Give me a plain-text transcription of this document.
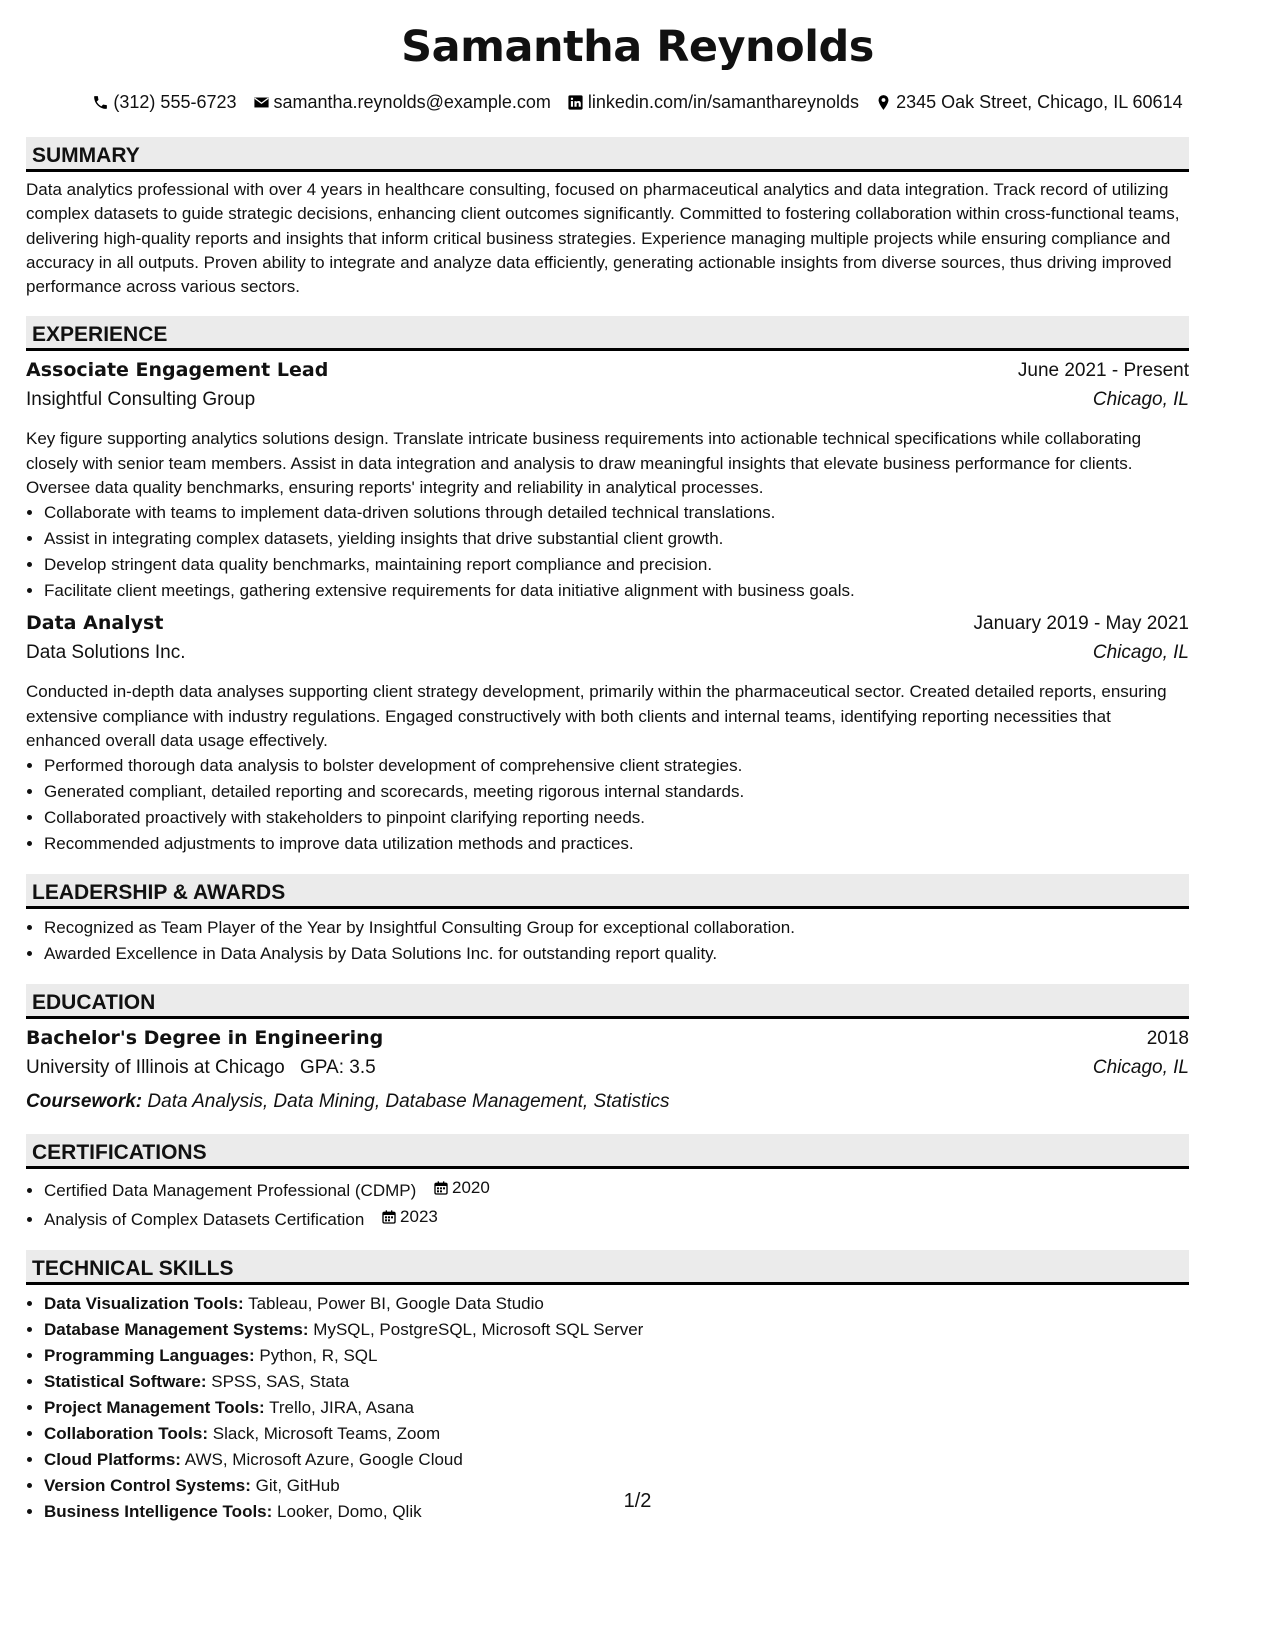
Samantha Reynolds
(312) 555-6723 samantha.reynolds@example.com linkedin.com/in/samanthareynolds 2345 Oak Street, Chicago, IL 60614
SUMMARY

Data analytics professional with over 4 years in healthcare consulting, focused on pharmaceutical analytics and data integration. Track record of utilizing complex datasets to guide strategic decisions, enhancing client outcomes significantly. Committed to fostering collaboration within cross-functional teams, delivering high-quality reports and insights that inform critical business strategies. Experience managing multiple projects while ensuring compliance and accuracy in all outputs. Proven ability to integrate and analyze data efficiently, generating actionable insights from diverse sources, thus driving improved performance across various sectors.

EXPERIENCE
Associate Engagement Lead	June 2021 - Present
Insightful Consulting Group	Chicago, IL

Key figure supporting analytics solutions design. Translate intricate business requirements into actionable technical specifications while collaborating closely with senior team members. Assist in data integration and analysis to draw meaningful insights that elevate business performance for clients. Oversee data quality benchmarks, ensuring reports' integrity and reliability in analytical processes.

• Collaborate with teams to implement data-driven solutions through detailed technical translations.
• Assist in integrating complex datasets, yielding insights that drive substantial client growth.
• Develop stringent data quality benchmarks, maintaining report compliance and precision.
• Facilitate client meetings, gathering extensive requirements for data initiative alignment with business goals.
Data Analyst	January 2019 - May 2021
Data Solutions Inc.	Chicago, IL

Conducted in-depth data analyses supporting client strategy development, primarily within the pharmaceutical sector. Created detailed reports, ensuring extensive compliance with industry regulations. Engaged constructively with both clients and internal teams, identifying reporting necessities that enhanced overall data usage effectively.

• Performed thorough data analysis to bolster development of comprehensive client strategies.
• Generated compliant, detailed reporting and scorecards, meeting rigorous internal standards.
• Collaborated proactively with stakeholders to pinpoint clarifying reporting needs.
• Recommended adjustments to improve data utilization methods and practices.
LEADERSHIP & AWARDS
• Recognized as Team Player of the Year by Insightful Consulting Group for exceptional collaboration.
• Awarded Excellence in Data Analysis by Data Solutions Inc. for outstanding report quality.
EDUCATION
Bachelor's Degree in Engineering	2018
University of Illinois at Chicago GPA: 3.5	Chicago, IL
Coursework: Data Analysis, Data Mining, Database Management, Statistics
CERTIFICATIONS
• Certified Data Management Professional (CDMP) 2020
• Analysis of Complex Datasets Certification 2023
TECHNICAL SKILLS
• Data Visualization Tools: Tableau, Power BI, Google Data Studio
• Database Management Systems: MySQL, PostgreSQL, Microsoft SQL Server
• Programming Languages: Python, R, SQL
• Statistical Software: SPSS, SAS, Stata
• Project Management Tools: Trello, JIRA, Asana
• Collaboration Tools: Slack, Microsoft Teams, Zoom
• Cloud Platforms: AWS, Microsoft Azure, Google Cloud
• Version Control Systems: Git, GitHub
• Business Intelligence Tools: Looker, Domo, Qlik	1/2
